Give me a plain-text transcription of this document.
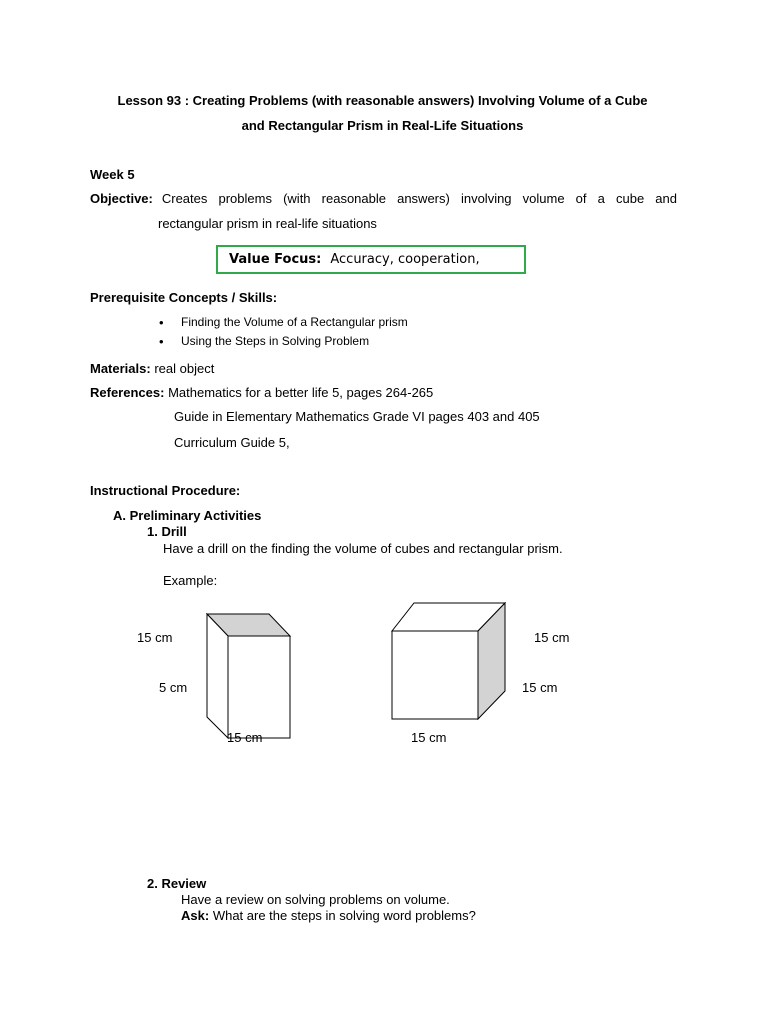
Lesson 93 : Creating Problems (with reasonable answers) Involving Volume of a Cube
and Rectangular Prism in Real-Life Situations
Week 5
Objective: Creates problems (with reasonable answers) involving volume of a cube and
rectangular prism in real-life situations
Value Focus: Accuracy, cooperation,
Prerequisite Concepts / Skills:
• Finding the Volume of a Rectangular prism
• Using the Steps in Solving Problem
Materials: real object
References: Mathematics for a better life 5, pages 264-265
Guide in Elementary Mathematics Grade VI pages 403 and 405
Curriculum Guide 5,
Instructional Procedure:
A. Preliminary Activities
1. Drill
Have a drill on the finding the volume of cubes and rectangular prism.
Example:
15 cm
5 cm
15 cm
15 cm
15 cm
15 cm
2. Review
Have a review on solving problems on volume.
Ask: What are the steps in solving word problems?
